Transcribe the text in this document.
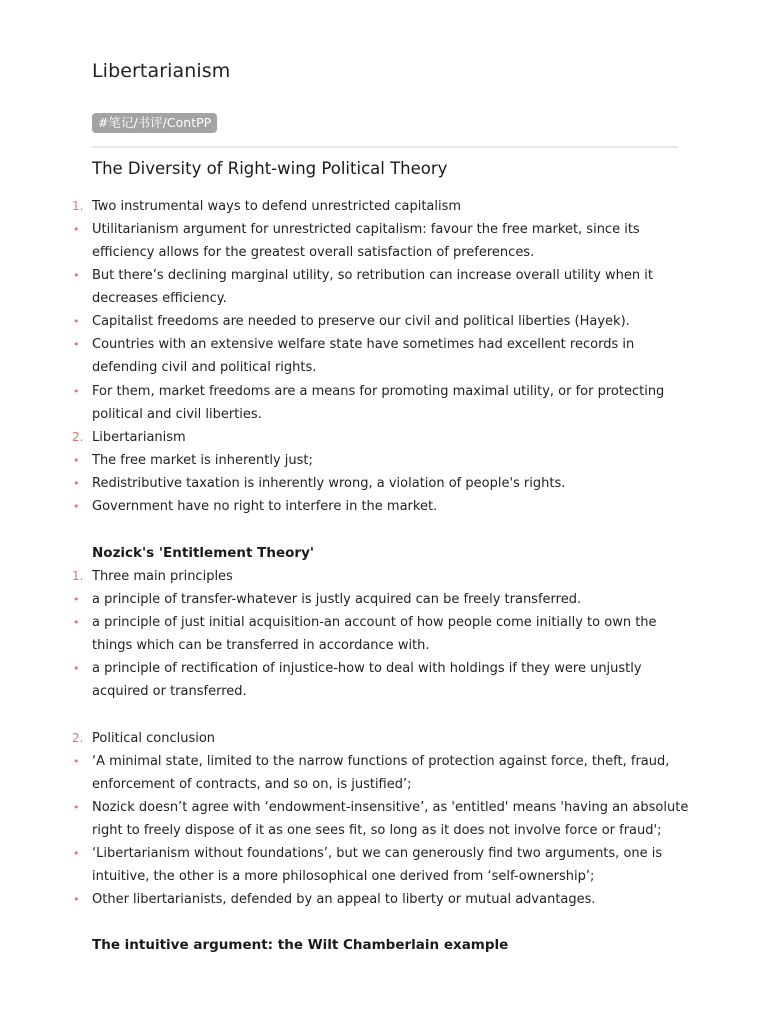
Libertarianism
#笔记/书评/ContPP
The Diversity of Right-wing Political Theory
1. Two instrumental ways to defend unrestricted capitalism
• Utilitarianism argument for unrestricted capitalism: favour the free market, since its
efficiency allows for the greatest overall satisfaction of preferences.
• But there’s declining marginal utility, so retribution can increase overall utility when it
decreases efficiency.
• Capitalist freedoms are needed to preserve our civil and political liberties (Hayek).
• Countries with an extensive welfare state have sometimes had excellent records in
defending civil and political rights.
• For them, market freedoms are a means for promoting maximal utility, or for protecting
political and civil liberties.
2. Libertarianism
• The free market is inherently just;
• Redistributive taxation is inherently wrong, a violation of people's rights.
• Government have no right to interfere in the market.
1. Three main principles
• a principle of transfer-whatever is justly acquired can be freely transferred.
• a principle of just initial acquisition-an account of how people come initially to own the
things which can be transferred in accordance with.
• a principle of rectification of injustice-how to deal with holdings if they were unjustly
acquired or transferred.
2. Political conclusion
• ‘A minimal state, limited to the narrow functions of protection against force, theft, fraud,
enforcement of contracts, and so on, is justified’;
• Nozick doesn’t agree with ‘endowment-insensitive’, as 'entitled' means 'having an absolute
right to freely dispose of it as one sees fit, so long as it does not involve force or fraud';
• ‘Libertarianism without foundations’, but we can generously find two arguments, one is
intuitive, the other is a more philosophical one derived from ‘self-ownership’;
• Other libertarianists, defended by an appeal to liberty or mutual advantages.
Nozick's 'Entitlement Theory'
The intuitive argument: the Wilt Chamberlain example
